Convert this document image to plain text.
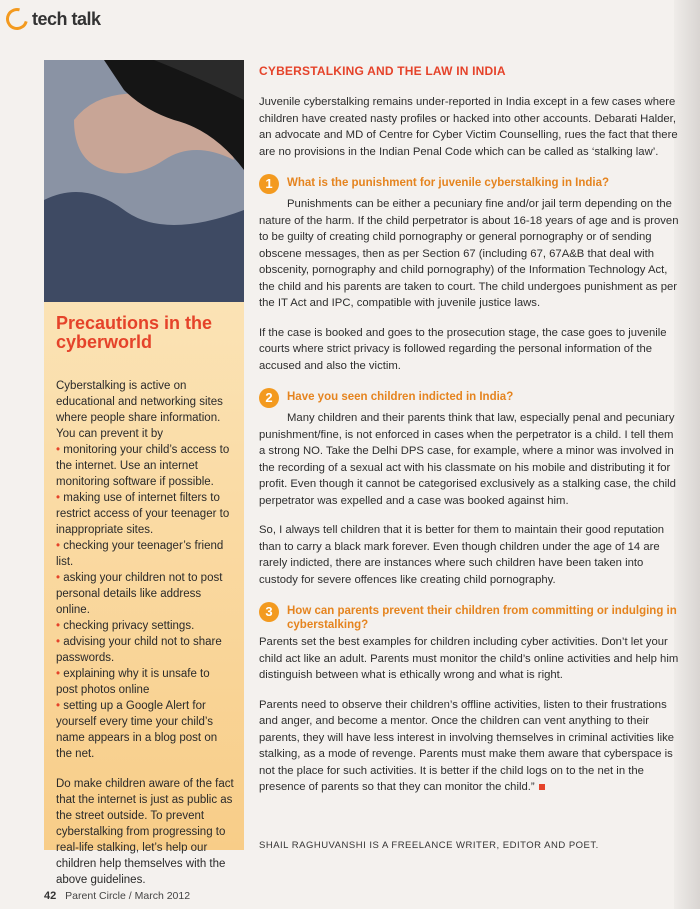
tech talk
Precautions in the
cyberworld

Cyberstalking is active on educational and networking sites where people share information. You can prevent it by

• monitoring your child’s access to the internet. Use an internet monitoring software if possible.
• making use of internet filters to restrict access of your teenager to inappropriate sites.
• checking your teenager’s friend list.
• asking your children not to post personal details like address online.
• checking privacy settings.
• advising your child not to share passwords.
• explaining why it is unsafe to post photos online
• setting up a Google Alert for yourself every time your child’s name appears in a blog post on the net.

Do make children aware of the fact that the internet is just as public as the street outside. To prevent cyberstalking from progressing to real-life stalking, let’s help our children help themselves with the above guidelines.

CYBERSTALKING AND THE LAW IN INDIA

Juvenile cyberstalking remains under-reported in India except in a few cases where children have created nasty profiles or hacked into other accounts. Debarati Halder, an advocate and MD of Centre for Cyber Victim Counselling, rues the fact that there are no provisions in the Indian Penal Code which can be called as ‘stalking law’.

1	What is the punishment for juvenile cyberstalking in India?

Punishments can be either a pecuniary fine and/or jail term depending on the nature of the harm. If the child perpetrator is about 16-18 years of age and is proven to be guilty of creating child pornography or general pornography or of sending obscene messages, then as per Section 67 (including 67, 67A&B that deal with obscenity, pornography and child pornography) of the Information Technology Act, the child and his parents are taken to court. The child undergoes punishment as per the IT Act and IPC, compatible with juvenile justice laws.

If the case is booked and goes to the prosecution stage, the case goes to juvenile courts where strict privacy is followed regarding the personal information of the accused and also the victim.

2	Have you seen children indicted in India?

Many children and their parents think that law, especially penal and pecuniary punishment/fine, is not enforced in cases when the perpetrator is a child. I tell them a strong NO. Take the Delhi DPS case, for example, where a minor was involved in the recording of a sexual act with his classmate on his mobile and distributing it for profit. Even though it cannot be categorised exclusively as a stalking case, the child perpetrator was expelled and a case was booked against him.

So, I always tell children that it is better for them to maintain their good reputation than to carry a black mark forever. Even though children under the age of 14 are rarely indicted, there are instances where such children have been taken into custody for severe offences like creating child pornography.

3	How can parents prevent their children from committing or indulging in cyberstalking?

Parents set the best examples for children including cyber activities. Don’t let your child act like an adult. Parents must monitor the child’s online activities and help him distinguish between what is ethically wrong and what is right.

Parents need to observe their children’s offline activities, listen to their frustrations and anger, and become a mentor. Once the children can vent anything to their parents, they will have less interest in involving themselves in criminal activities like stalking, as a mode of revenge. Parents must make them aware that cyberspace is not the place for such activities. It is better if the child logs on to the net in the presence of parents so that they can monitor the child.”

SHAIL RAGHUVANSHI IS A FREELANCE WRITER, EDITOR AND POET.
42 Parent Circle / March 2012
